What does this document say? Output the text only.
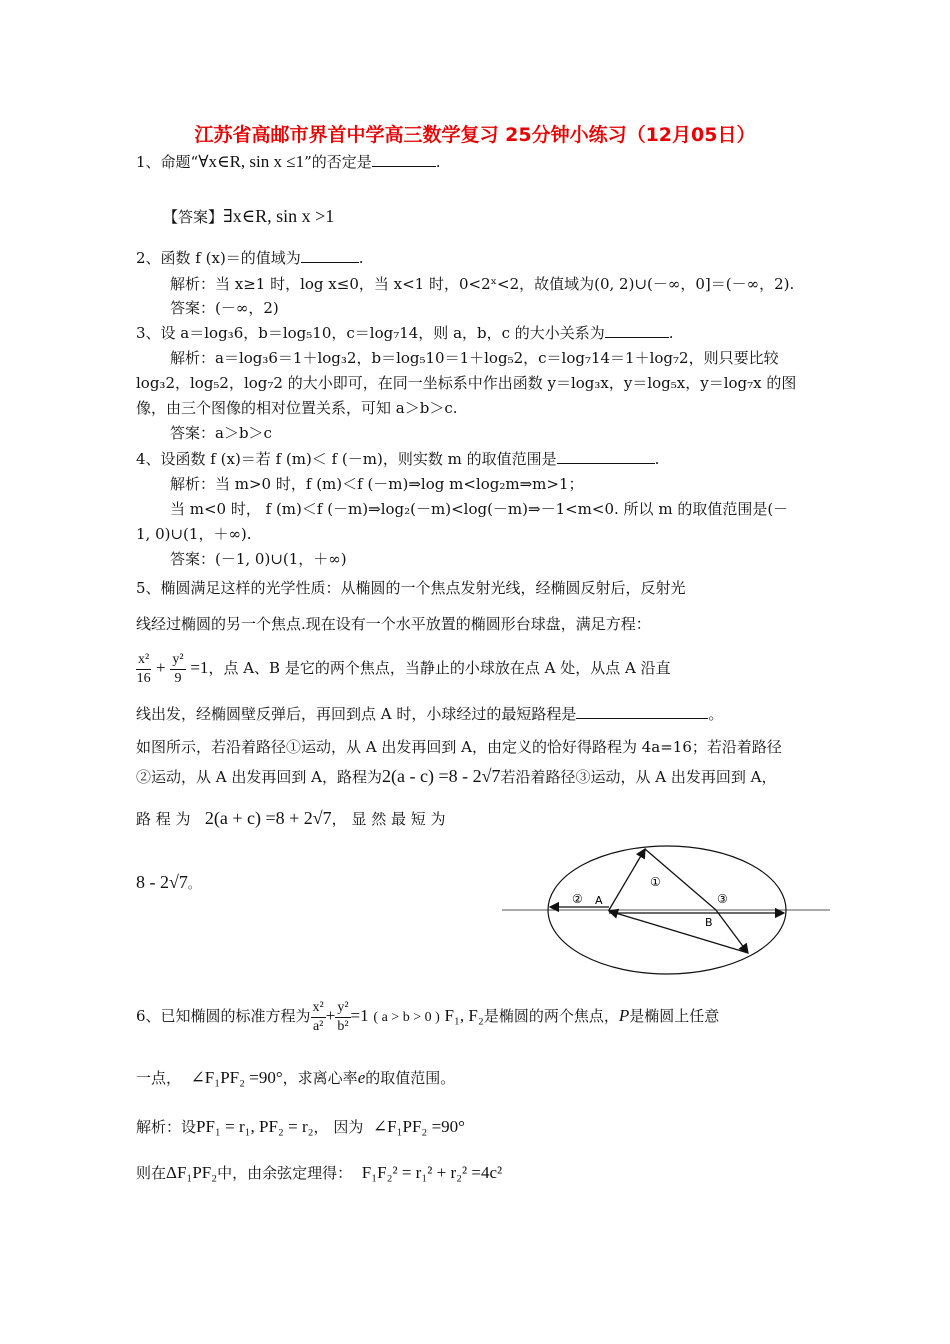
江苏省高邮市界首中学高三数学复习 25分钟小练习（12月05日）
1、命题“∀x∈R, sin x ≤1”的否定是	.
【答案】∃x∈R, sin x >1
2、函数 f (x)＝的值域为	.
解析：当 x≥1 时，log x≤0，当 x<1 时，0<2ˣ<2，故值域为(0, 2)∪(－∞，0]＝(－∞，2).
答案：(－∞，2)
3、设 a＝log₃6，b＝log₅10，c＝log₇14，则 a，b，c 的大小关系为	.
解析：a＝log₃6＝1＋log₃2，b＝log₅10＝1＋log₅2，c＝log₇14＝1＋log₇2，则只要比较
log₃2，log₅2，log₇2 的大小即可，在同一坐标系中作出函数 y＝log₃x，y＝log₅x，y＝log₇x 的图
像，由三个图像的相对位置关系，可知 a＞b＞c.
答案：a＞b＞c
4、设函数 f (x)＝若 f (m)＜ f (－m)，则实数 m 的取值范围是	.
解析：当 m>0 时，f (m)＜f (－m)⇒log m<log₂m⇒m>1；
当 m<0 时， f (m)＜f (－m)⇒log₂(－m)<log(－m)⇒－1<m<0. 所以 m 的取值范围是(－
1, 0)∪(1，＋∞).
答案：(－1, 0)∪(1，＋∞)
5、椭圆满足这样的光学性质：从椭圆的一个焦点发射光线，经椭圆反射后，反射光
线经过椭圆的另一个焦点.现在设有一个水平放置的椭圆形台球盘，满足方程：
$\frac{\text{x²}}{16} + \frac{\text{y²}}{9} =1$，点 A、B 是它的两个焦点，当静止的小球放在点 A 处，从点 A 沿直
线出发，经椭圆壁反弹后，再回到点 A 时，小球经过的最短路程是	。
如图所示，若沿着路径①运动，从 A 出发再回到 A，由定义的恰好得路程为 4a=16；若沿着路径
②运动，从 A 出发再回到 A，路程为2(a - c) =8 - 2√7若沿着路径③运动，从 A 出发再回到 A，
路 程 为 2(a + c) =8 + 2√7， 显 然 最 短 为
8 - 2√7。	①
②	③
A
B
6、已知椭圆的标准方程为 $\frac{\text{x²}}{\text{a²}} + \frac{\text{y²}}{\text{b²}} =1$ ( a > b > 0 ) F₁, F₂是椭圆的两个焦点，P是椭圆上任意
一点， ∠F₁PF₂ =90°，求离心率e的取值范围。
解析：设PF₁ = r₁, PF₂ = r₂， 因为 ∠F₁PF₂ =90°
则在ΔF₁PF₂中，由余弦定理得： F₁F₂² = r₁² + r₂² =4c²
